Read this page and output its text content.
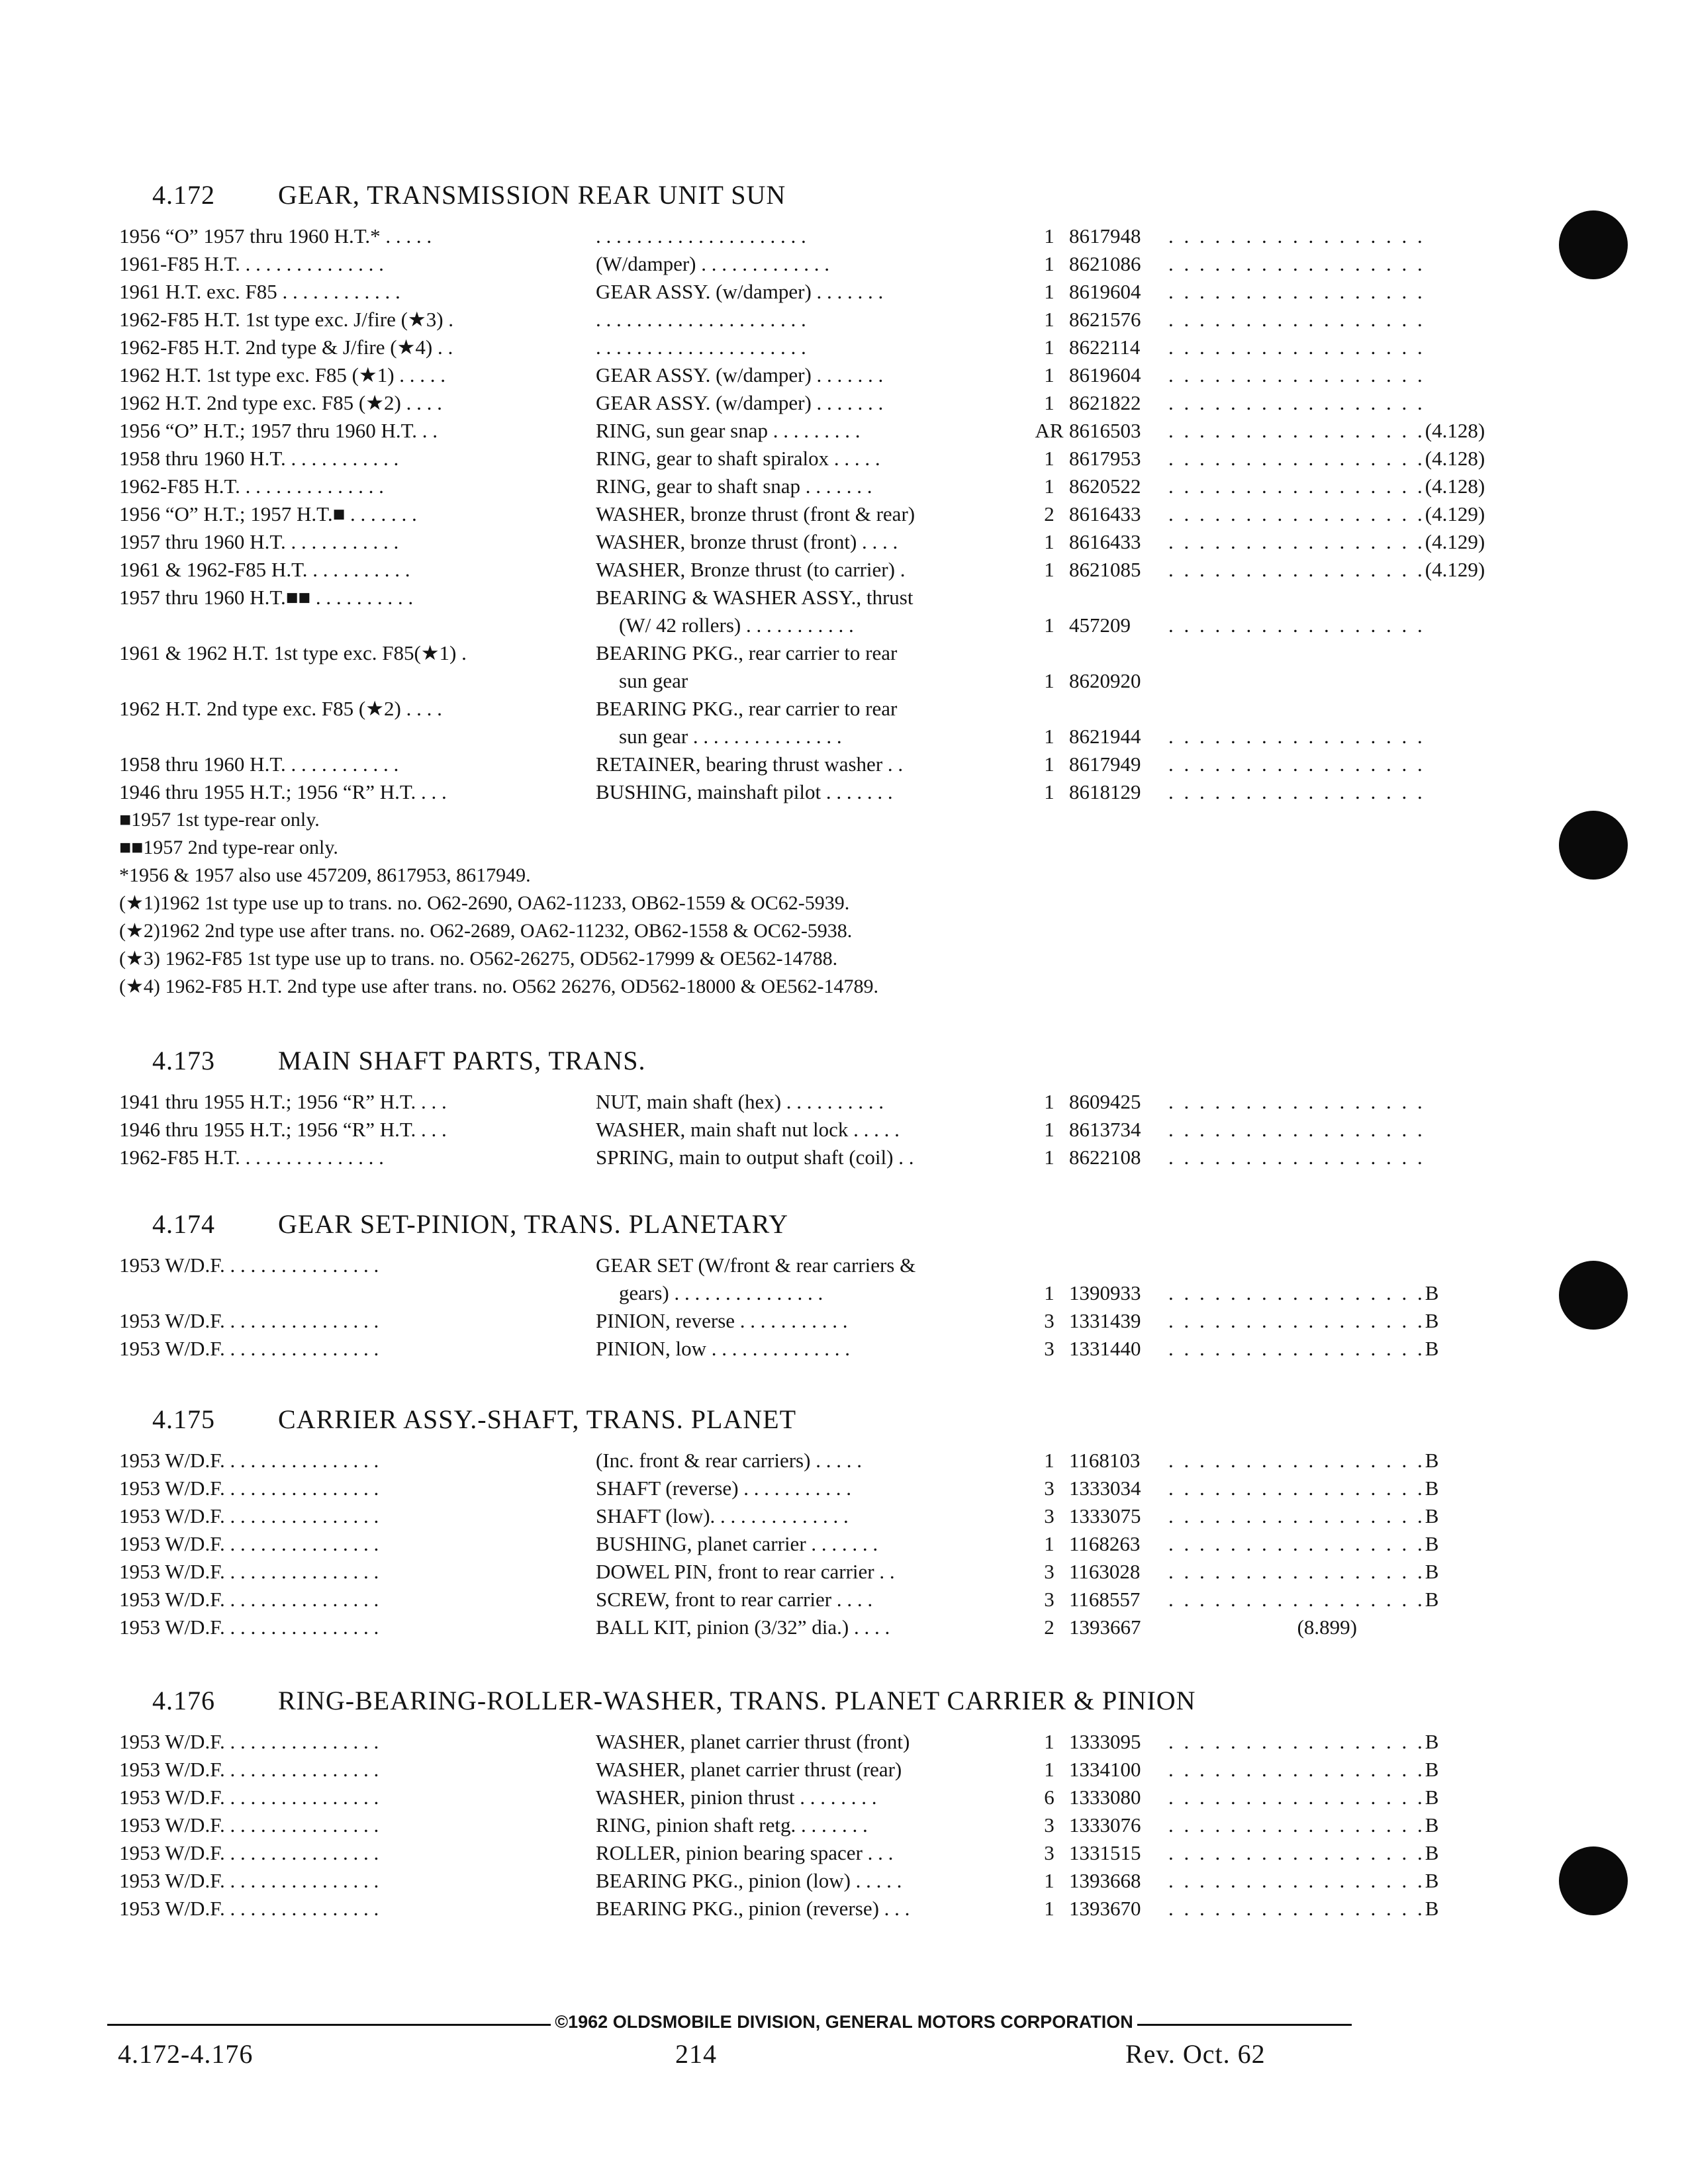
4.172	GEAR, TRANSMISSION REAR UNIT SUN
1956 “O” 1957 thru 1960 H.T.* . . . . .	. . . . . . . . . . . . . . . . . . . . .	1 8617948	. . . . . . . . . . . . . . . . .
1961-F85 H.T. . . . . . . . . . . . . . .	(W/damper) . . . . . . . . . . . . .	1 8621086	. . . . . . . . . . . . . . . . .
1961 H.T. exc. F85 . . . . . . . . . . . .	GEAR ASSY. (w/damper) . . . . . . .	1 8619604	. . . . . . . . . . . . . . . . .
1962-F85 H.T. 1st type exc. J/fire (★3) .	. . . . . . . . . . . . . . . . . . . . .	1 8621576	. . . . . . . . . . . . . . . . .
1962-F85 H.T. 2nd type & J/fire (★4) . .	. . . . . . . . . . . . . . . . . . . . .	1 8622114	. . . . . . . . . . . . . . . . .
1962 H.T. 1st type exc. F85 (★1) . . . . .	GEAR ASSY. (w/damper) . . . . . . .	1 8619604	. . . . . . . . . . . . . . . . .
1962 H.T. 2nd type exc. F85 (★2) . . . .	GEAR ASSY. (w/damper) . . . . . . .	1 8621822	. . . . . . . . . . . . . . . . .
1956 “O” H.T.; 1957 thru 1960 H.T. . .	RING, sun gear snap . . . . . . . . .	AR 8616503	. . . . . . . . . . . . . . . . . (4.128)
1958 thru 1960 H.T. . . . . . . . . . . .	RING, gear to shaft spiralox . . . . .	1 8617953	. . . . . . . . . . . . . . . . . (4.128)
1962-F85 H.T. . . . . . . . . . . . . . .	RING, gear to shaft snap . . . . . . .	1 8620522	. . . . . . . . . . . . . . . . . (4.128)
1956 “O” H.T.; 1957 H.T.■ . . . . . . .	WASHER, bronze thrust (front & rear)	2 8616433	. . . . . . . . . . . . . . . . . (4.129)
1957 thru 1960 H.T. . . . . . . . . . . .	WASHER, bronze thrust (front) . . . .	1 8616433	. . . . . . . . . . . . . . . . . (4.129)
1961 & 1962-F85 H.T. . . . . . . . . . .	WASHER, Bronze thrust (to carrier) .	1 8621085	. . . . . . . . . . . . . . . . . (4.129)
1957 thru 1960 H.T.■■ . . . . . . . . . .	BEARING & WASHER ASSY., thrust
(W/ 42 rollers) . . . . . . . . . . .	1 457209	. . . . . . . . . . . . . . . . .
1961 & 1962 H.T. 1st type exc. F85(★1) .	BEARING PKG., rear carrier to rear
sun gear	1 8620920
1962 H.T. 2nd type exc. F85 (★2) . . . .	BEARING PKG., rear carrier to rear
sun gear . . . . . . . . . . . . . . .	1 8621944	. . . . . . . . . . . . . . . . .
1958 thru 1960 H.T. . . . . . . . . . . .	RETAINER, bearing thrust washer . .	1 8617949	. . . . . . . . . . . . . . . . .
1946 thru 1955 H.T.; 1956 “R” H.T. . . .	BUSHING, mainshaft pilot . . . . . . .	1 8618129	. . . . . . . . . . . . . . . . .
■1957 1st type-rear only.
■■1957 2nd type-rear only.
*1956 & 1957 also use 457209, 8617953, 8617949.
(★1)1962 1st type use up to trans. no. O62-2690, OA62-11233, OB62-1559 & OC62-5939.
(★2)1962 2nd type use after trans. no. O62-2689, OA62-11232, OB62-1558 & OC62-5938.
(★3) 1962-F85 1st type use up to trans. no. O562-26275, OD562-17999 & OE562-14788.
(★4) 1962-F85 H.T. 2nd type use after trans. no. O562 26276, OD562-18000 & OE562-14789.
4.173	MAIN SHAFT PARTS, TRANS.
1941 thru 1955 H.T.; 1956 “R” H.T. . . .	NUT, main shaft (hex) . . . . . . . . . .	1 8609425	. . . . . . . . . . . . . . . . .
1946 thru 1955 H.T.; 1956 “R” H.T. . . .	WASHER, main shaft nut lock . . . . .	1 8613734	. . . . . . . . . . . . . . . . .
1962-F85 H.T. . . . . . . . . . . . . . .	SPRING, main to output shaft (coil) . .	1 8622108	. . . . . . . . . . . . . . . . .
4.174	GEAR SET-PINION, TRANS. PLANETARY
1953 W/D.F. . . . . . . . . . . . . . . .	GEAR SET (W/front & rear carriers &
gears) . . . . . . . . . . . . . . .	1 1390933	. . . . . . . . . . . . . . . . . B
1953 W/D.F. . . . . . . . . . . . . . . .	PINION, reverse . . . . . . . . . . .	3 1331439	. . . . . . . . . . . . . . . . . B
1953 W/D.F. . . . . . . . . . . . . . . .	PINION, low . . . . . . . . . . . . . .	3 1331440	. . . . . . . . . . . . . . . . . B
4.175	CARRIER ASSY.-SHAFT, TRANS. PLANET
1953 W/D.F. . . . . . . . . . . . . . . .	(Inc. front & rear carriers) . . . . .	1 1168103	. . . . . . . . . . . . . . . . . B
1953 W/D.F. . . . . . . . . . . . . . . .	SHAFT (reverse) . . . . . . . . . . .	3 1333034	. . . . . . . . . . . . . . . . . B
1953 W/D.F. . . . . . . . . . . . . . . .	SHAFT (low). . . . . . . . . . . . . .	3 1333075	. . . . . . . . . . . . . . . . . B
1953 W/D.F. . . . . . . . . . . . . . . .	BUSHING, planet carrier . . . . . . .	1 1168263	. . . . . . . . . . . . . . . . . B
1953 W/D.F. . . . . . . . . . . . . . . .	DOWEL PIN, front to rear carrier . .	3 1163028	. . . . . . . . . . . . . . . . . B
1953 W/D.F. . . . . . . . . . . . . . . .	SCREW, front to rear carrier . . . .	3 1168557	. . . . . . . . . . . . . . . . . B
1953 W/D.F. . . . . . . . . . . . . . . .	BALL KIT, pinion (3/32” dia.) . . . .	2 1393667	(8.899)
4.176	RING-BEARING-ROLLER-WASHER, TRANS. PLANET CARRIER & PINION
1953 W/D.F. . . . . . . . . . . . . . . .	WASHER, planet carrier thrust (front)	1 1333095	. . . . . . . . . . . . . . . . . B
1953 W/D.F. . . . . . . . . . . . . . . .	WASHER, planet carrier thrust (rear)	1 1334100	. . . . . . . . . . . . . . . . . B
1953 W/D.F. . . . . . . . . . . . . . . .	WASHER, pinion thrust . . . . . . . .	6 1333080	. . . . . . . . . . . . . . . . . B
1953 W/D.F. . . . . . . . . . . . . . . .	RING, pinion shaft retg. . . . . . . .	3 1333076	. . . . . . . . . . . . . . . . . B
1953 W/D.F. . . . . . . . . . . . . . . .	ROLLER, pinion bearing spacer . . .	3 1331515	. . . . . . . . . . . . . . . . . B
1953 W/D.F. . . . . . . . . . . . . . . .	BEARING PKG., pinion (low) . . . . .	1 1393668	. . . . . . . . . . . . . . . . . B
1953 W/D.F. . . . . . . . . . . . . . . .	BEARING PKG., pinion (reverse) . . .	1 1393670	. . . . . . . . . . . . . . . . . B
©1962 OLDSMOBILE DIVISION, GENERAL MOTORS CORPORATION
4.172-4.176	214	Rev. Oct. 62
